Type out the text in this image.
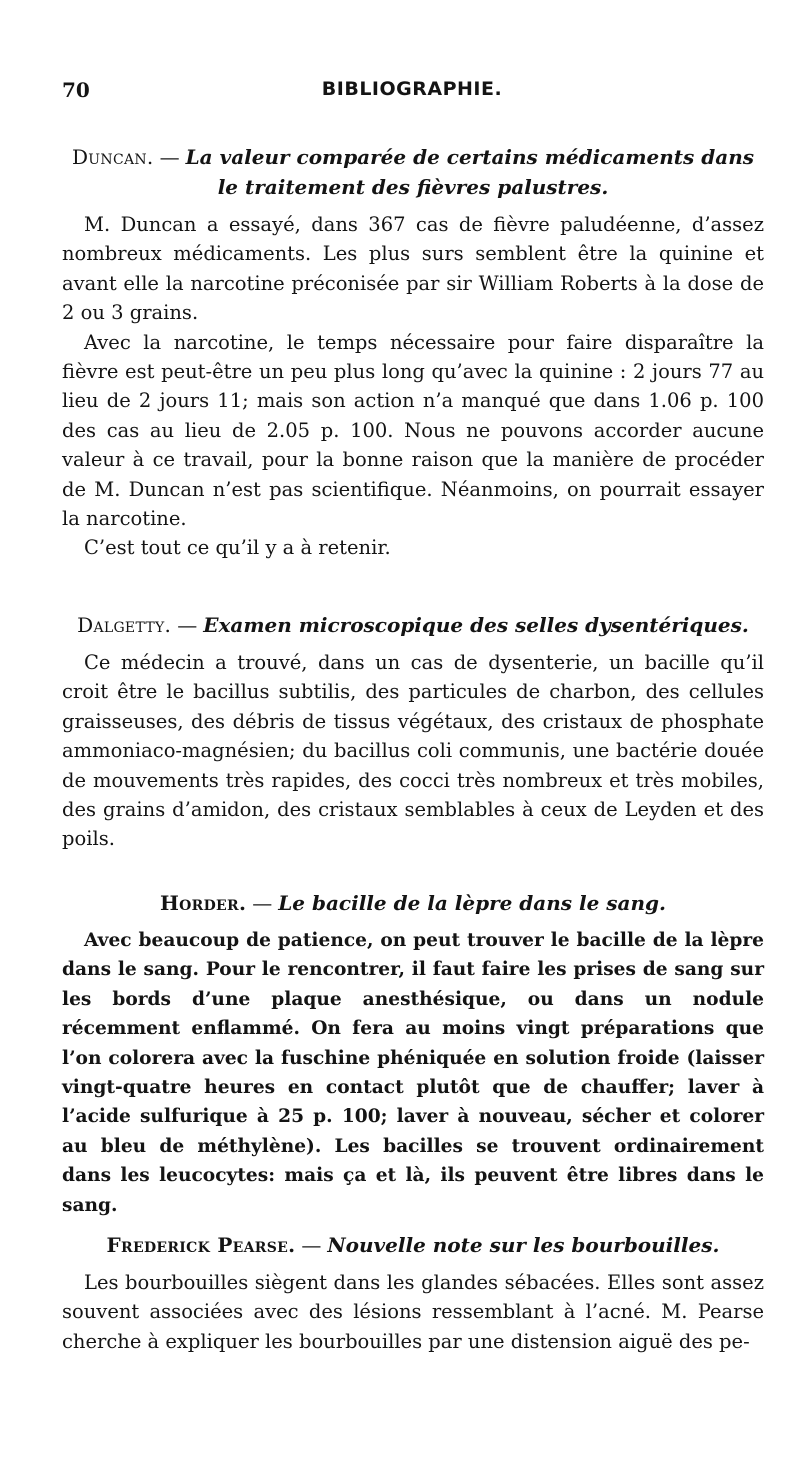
70	BIBLIOGRAPHIE.
Duncan. — La valeur comparée de certains médicaments dans le traitement des fièvres palustres.

M. Duncan a essayé, dans 367 cas de fièvre paludéenne, d’assez nombreux médicaments. Les plus surs semblent être la quinine et avant elle la narcotine préconisée par sir William Roberts à la dose de 2 ou 3 grains.

Avec la narcotine, le temps nécessaire pour faire disparaître la fièvre est peut-être un peu plus long qu’avec la quinine : 2 jours 77 au lieu de 2 jours 11; mais son action n’a manqué que dans 1.06 p. 100 des cas au lieu de 2.05 p. 100. Nous ne pouvons accorder aucune valeur à ce travail, pour la bonne raison que la manière de procéder de M. Duncan n’est pas scientifique. Néanmoins, on pourrait essayer la narcotine.

C’est tout ce qu’il y a à retenir.

Dalgetty. — Examen microscopique des selles dysentériques.

Ce médecin a trouvé, dans un cas de dysenterie, un bacille qu’il croit être le bacillus subtilis, des particules de charbon, des cellules graisseuses, des débris de tissus végétaux, des cristaux de phosphate ammoniaco-magnésien; du bacillus coli communis, une bactérie douée de mouvements très rapides, des cocci très nombreux et très mobiles, des grains d’amidon, des cristaux semblables à ceux de Leyden et des poils.

Horder. — Le bacille de la lèpre dans le sang.

Avec beaucoup de patience, on peut trouver le bacille de la lèpre dans le sang. Pour le rencontrer, il faut faire les prises de sang sur les bords d’une plaque anesthésique, ou dans un nodule récemment enflammé. On fera au moins vingt préparations que l’on colorera avec la fuschine phéniquée en solution froide (laisser vingt-quatre heures en contact plutôt que de chauffer; laver à l’acide sulfurique à 25 p. 100; laver à nouveau, sécher et colorer au bleu de méthylène). Les bacilles se trouvent ordinairement dans les leucocytes: mais ça et là, ils peuvent être libres dans le sang.

Frederick Pearse. — Nouvelle note sur les bourbouilles.

Les bourbouilles siègent dans les glandes sébacées. Elles sont assez souvent associées avec des lésions ressemblant à l’acné. M. Pearse cherche à expliquer les bourbouilles par une distension aiguë des pe-
